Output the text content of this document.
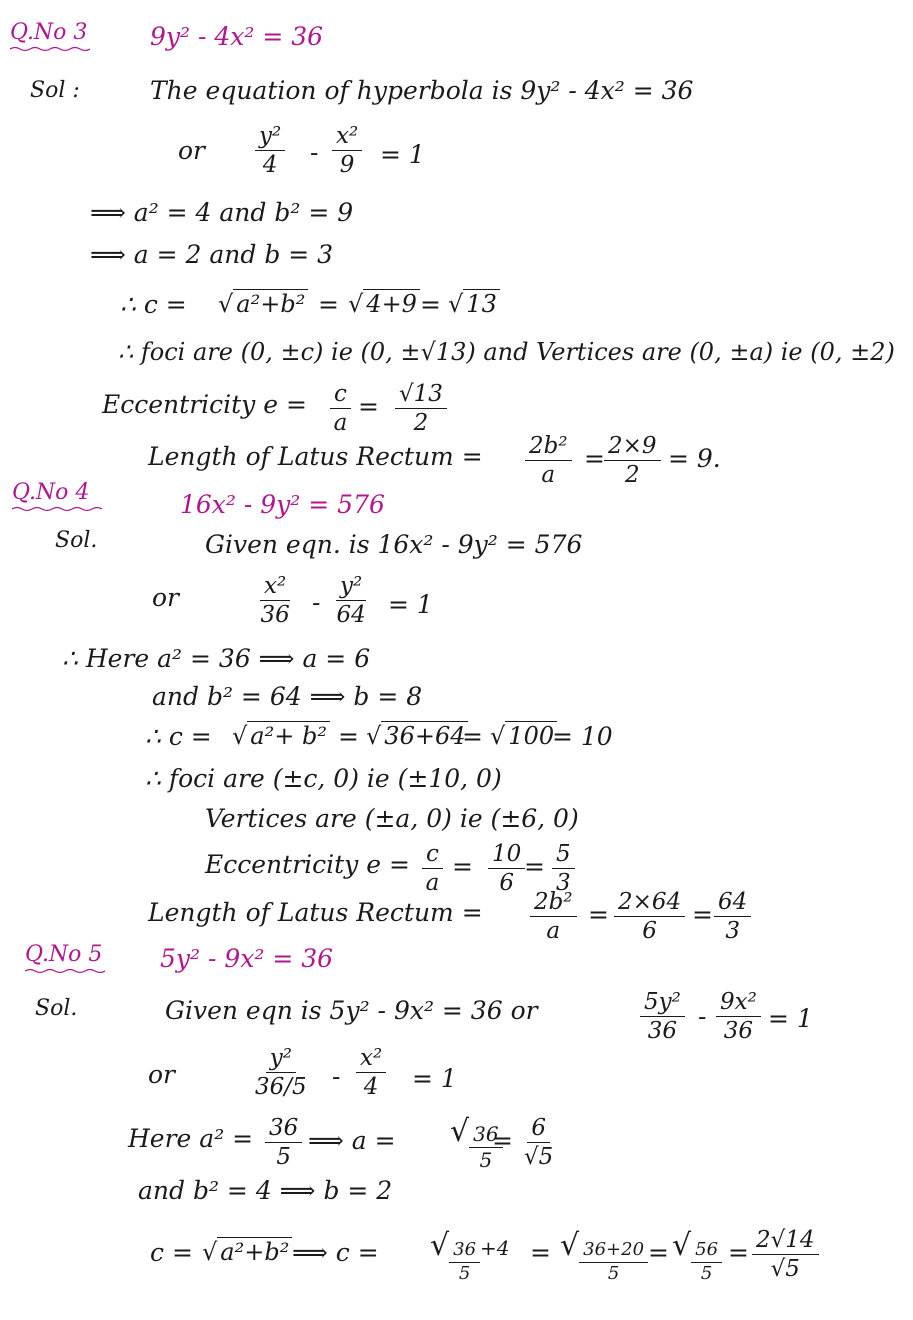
Q.No 3	9y² - 4x² = 36
Sol :	The equation of hyperbola is 9y² - 4x² = 36
or $\frac{\text{y²}}{4} - \frac{\text{x²}}{9} = 1$
⟹ a² = 4 and b² = 9
⟹ a = 2 and b = 3
∴ c = √ a²+b² = √ 4+9 = √ 13
∴ foci are (0, ±c) ie (0, ±√13) and Vertices are (0, ±a) ie (0, ±2)
Eccentricity $e = \frac{c}{a} = \frac{√13}{2}$
Length of Latus Rectum = $\frac{\text{2b²}}{a} = \frac{2\times 9}{2} = 9$.
Q.No 4	16x² - 9y² = 576
Sol.	Given eqn. is 16x² - 9y² = 576
or	$\frac{\text{x²}}{36} - \frac{\text{y²}}{64} = 1$
∴ Here a² = 36 ⟹ a = 6
and b² = 64 ⟹ b = 8
∴ c = √ a²+ b² = √ 36+64
= √ 100
= 10
∴ foci are (±c, 0) ie (±10, 0)
Vertices are (±a, 0) ie (±6, 0)
Eccentricity $e = \frac{c}{a} = \frac{10}{6}$
= $\frac{5}{3}$
Length of Latus Rectum = $\frac{\text{2b²}}{a} = \frac{2\times 64}{6} = \frac{64}{3}$
Q.No 5 5y² - 9x² = 36
Sol.	Given eqn is 5y² - 9x² = 36 or	$\frac{\text{5y²}}{36} - \frac{\text{9x²}}{36} = 1$
or	$\frac{\text{y²}}{36/5} - \frac{\text{x²}}{4} = 1$
Here $a^2 = \frac{36}{5}$ ⟹ a = √ $\frac{36}{5}$
= $\frac{6}{√5}$
and b² = 4 ⟹ b = 2
c = √ a²+b² ⟹ c = √ $\frac{36}{5} +4$ = √ $\frac{36+20}{5}$ = √ $\frac{56}{5} = \frac{2√14}{√5}$
